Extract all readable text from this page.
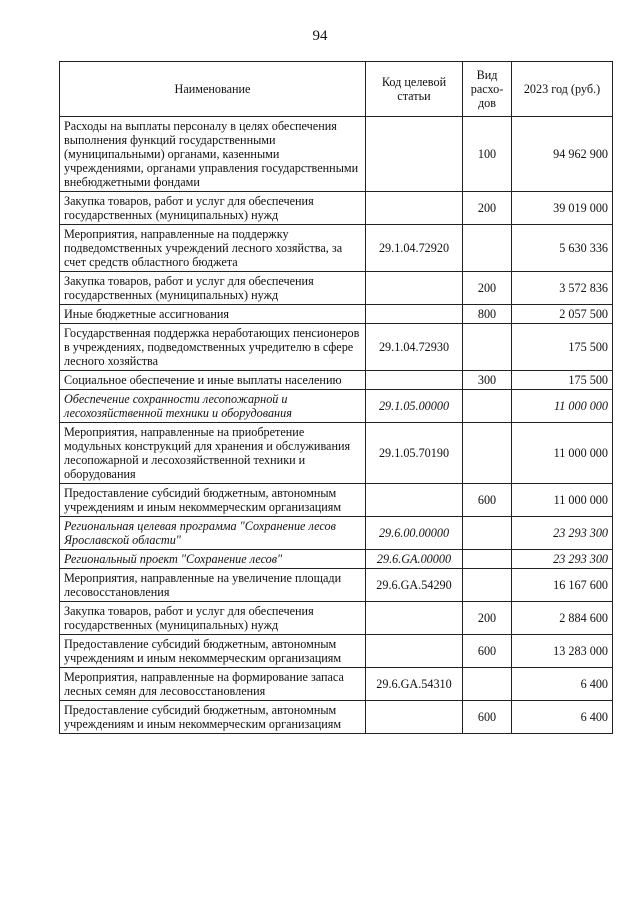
94
Наименование	Код целевой статьи	Вид расхо-дов	2023 год (руб.)
Расходы на выплаты персоналу в целях обеспечения выполнения функций государственными (муниципальными) органами, казенными учреждениями, органами управления государственными внебюджетными фондами		100	94 962 900
Закупка товаров, работ и услуг для обеспечения государственных (муниципальных) нужд		200	39 019 000
Мероприятия, направленные на поддержку подведомственных учреждений лесного хозяйства, за счет средств областного бюджета	29.1.04.72920		5 630 336
Закупка товаров, работ и услуг для обеспечения государственных (муниципальных) нужд		200	3 572 836
Иные бюджетные ассигнования		800	2 057 500
Государственная поддержка неработающих пенсионеров в учреждениях, подведомственных учредителю в сфере лесного хозяйства	29.1.04.72930		175 500
Социальное обеспечение и иные выплаты населению		300	175 500
Обеспечение сохранности лесопожарной и лесохозяйственной техники и оборудования	29.1.05.00000		11 000 000
Мероприятия, направленные на приобретение модульных конструкций для хранения и обслуживания лесопожарной и лесохозяйственной техники и оборудования	29.1.05.70190		11 000 000
Предоставление субсидий бюджетным, автономным учреждениям и иным некоммерческим организациям		600	11 000 000
Региональная целевая программа "Сохранение лесов Ярославской области"	29.6.00.00000		23 293 300
Региональный проект "Сохранение лесов"	29.6.GA.00000		23 293 300
Мероприятия, направленные на увеличение площади лесовосстановления	29.6.GA.54290		16 167 600
Закупка товаров, работ и услуг для обеспечения государственных (муниципальных) нужд		200	2 884 600
Предоставление субсидий бюджетным, автономным учреждениям и иным некоммерческим организациям		600	13 283 000
Мероприятия, направленные на формирование запаса лесных семян для лесовосстановления	29.6.GA.54310		6 400
Предоставление субсидий бюджетным, автономным учреждениям и иным некоммерческим организациям		600	6 400
